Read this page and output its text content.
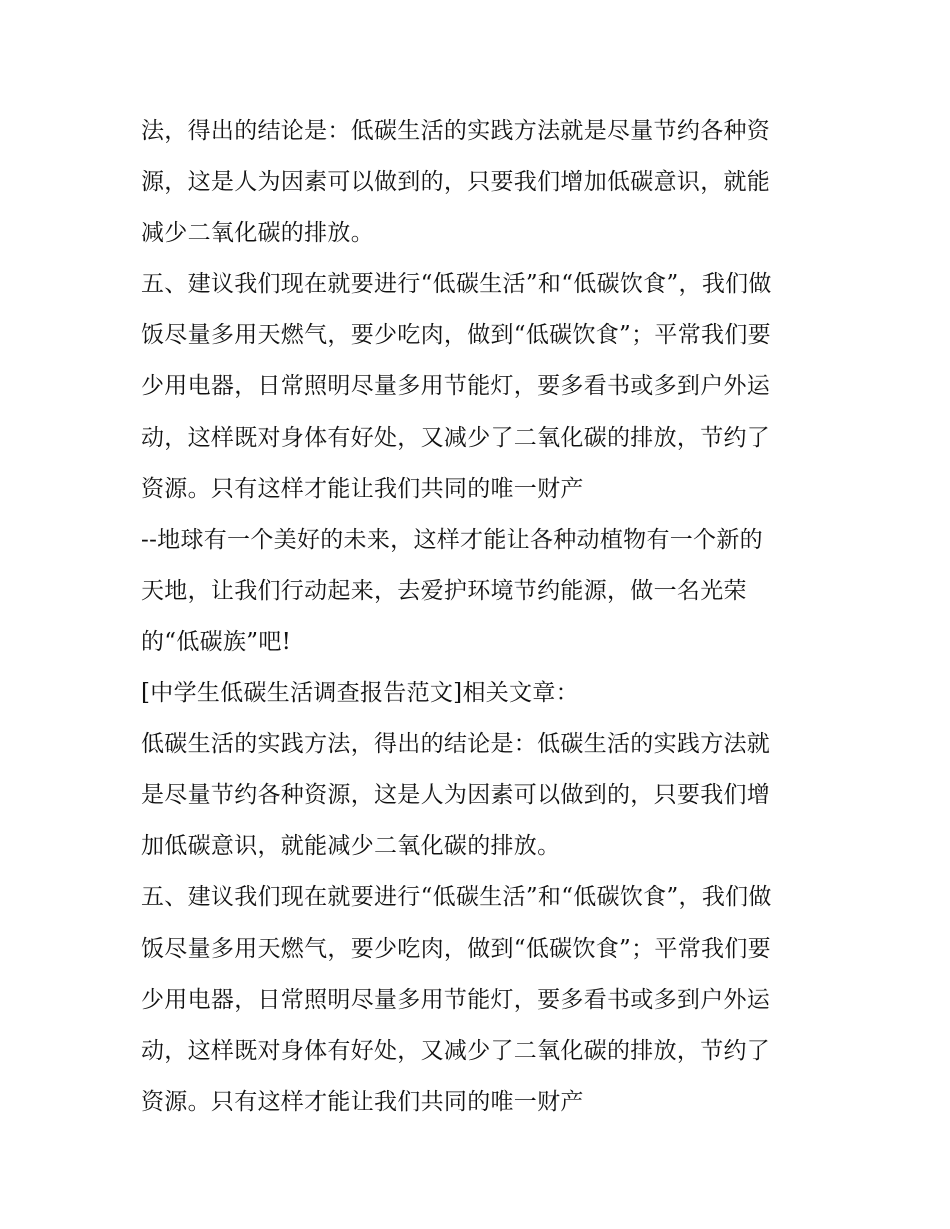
法，得出的结论是：低碳生活的实践方法就是尽量节约各种资
源，这是人为因素可以做到的，只要我们增加低碳意识，就能
减少二氧化碳的排放。
五、建议我们现在就要进行“低碳生活”和“低碳饮食”，我们做
饭尽量多用天燃气，要少吃肉，做到“低碳饮食”；平常我们要
少用电器，日常照明尽量多用节能灯，要多看书或多到户外运
动，这样既对身体有好处，又减少了二氧化碳的排放，节约了
资源。只有这样才能让我们共同的唯一财产
--地球有一个美好的未来，这样才能让各种动植物有一个新的
天地，让我们行动起来，去爱护环境节约能源，做一名光荣
的“低碳族”吧!
[中学生低碳生活调查报告范文]相关文章：
低碳生活的实践方法，得出的结论是：低碳生活的实践方法就
是尽量节约各种资源，这是人为因素可以做到的，只要我们增
加低碳意识，就能减少二氧化碳的排放。
五、建议我们现在就要进行“低碳生活”和“低碳饮食”，我们做
饭尽量多用天燃气，要少吃肉，做到“低碳饮食”；平常我们要
少用电器，日常照明尽量多用节能灯，要多看书或多到户外运
动，这样既对身体有好处，又减少了二氧化碳的排放，节约了
资源。只有这样才能让我们共同的唯一财产
